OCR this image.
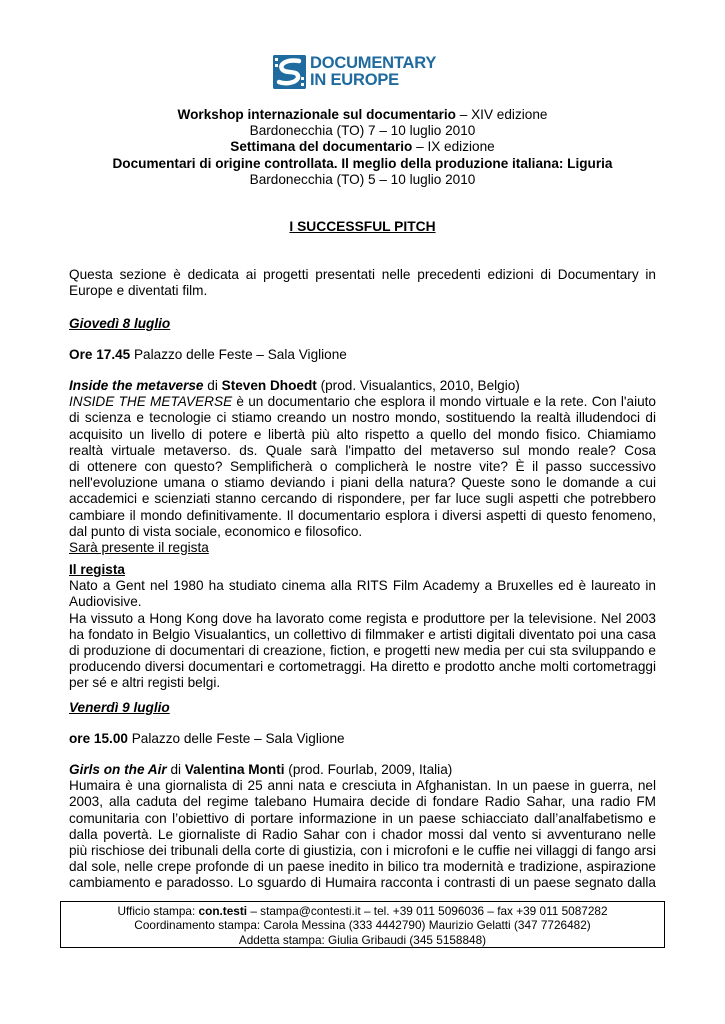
DOCUMENTARY
IN EUROPE
Workshop internazionale sul documentario – XIV edizione
Bardonecchia (TO) 7 – 10 luglio 2010
Settimana del documentario – IX edizione
Documentari di origine controllata. Il meglio della produzione italiana: Liguria
Bardonecchia (TO) 5 – 10 luglio 2010
I SUCCESSFUL PITCH
Questa sezione è dedicata ai progetti presentati nelle precedenti edizioni di Documentary in
Europe e diventati film.
Giovedì 8 luglio
Ore 17.45 Palazzo delle Feste – Sala Viglione
Inside the metaverse di Steven Dhoedt (prod. Visualantics, 2010, Belgio)
INSIDE THE METAVERSE è un documentario che esplora il mondo virtuale e la rete. Con l'aiuto
di scienza e tecnologie ci stiamo creando un nostro mondo, sostituendo la realtà illudendoci di
acquisito un livello di potere e libertà più alto rispetto a quello del mondo fisico. Chiamiamo
realtà virtuale metaverso. ds. Quale sarà l'impatto del metaverso sul mondo reale? Cosa
di ottenere con questo? Semplificherà o complicherà le nostre vite? È il passo successivo
nell'evoluzione umana o stiamo deviando i piani della natura? Queste sono le domande a cui
accademici e scienziati stanno cercando di rispondere, per far luce sugli aspetti che potrebbero
cambiare il mondo definitivamente. Il documentario esplora i diversi aspetti di questo fenomeno,
dal punto di vista sociale, economico e filosofico.
Sarà presente il regista
Il regista
Nato a Gent nel 1980 ha studiato cinema alla RITS Film Academy a Bruxelles ed è laureato in
Audiovisive.
Ha vissuto a Hong Kong dove ha lavorato come regista e produttore per la televisione. Nel 2003
ha fondato in Belgio Visualantics, un collettivo di filmmaker e artisti digitali diventato poi una casa
di produzione di documentari di creazione, fiction, e progetti new media per cui sta sviluppando e
producendo diversi documentari e cortometraggi. Ha diretto e prodotto anche molti cortometraggi
per sé e altri registi belgi.
Venerdì 9 luglio
ore 15.00 Palazzo delle Feste – Sala Viglione
Girls on the Air di Valentina Monti (prod. Fourlab, 2009, Italia)
Humaira è una giornalista di 25 anni nata e cresciuta in Afghanistan. In un paese in guerra, nel
2003, alla caduta del regime talebano Humaira decide di fondare Radio Sahar, una radio FM
comunitaria con l’obiettivo di portare informazione in un paese schiacciato dall’analfabetismo e
dalla povertà. Le giornaliste di Radio Sahar con i chador mossi dal vento si avventurano nelle
più rischiose dei tribunali della corte di giustizia, con i microfoni e le cuffie nei villaggi di fango arsi
dal sole, nelle crepe profonde di un paese inedito in bilico tra modernità e tradizione, aspirazione
cambiamento e paradosso. Lo sguardo di Humaira racconta i contrasti di un paese segnato dalla
Ufficio stampa: con.testi – stampa@contesti.it – tel. +39 011 5096036 – fax +39 011 5087282
Coordinamento stampa: Carola Messina (333 4442790) Maurizio Gelatti (347 7726482)
Addetta stampa: Giulia Gribaudi (345 5158848)
